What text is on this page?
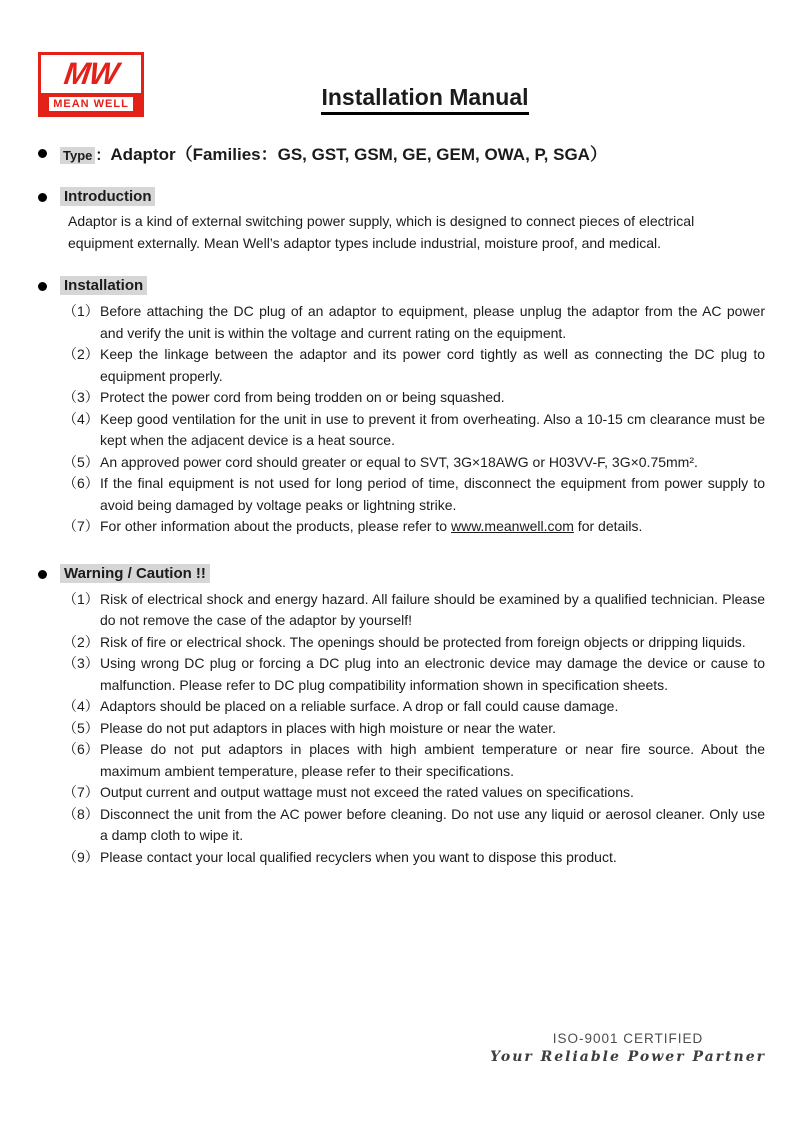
MW
MEAN WELL	Installation Manual
Type ：Adaptor（Families：GS, GST, GSM, GE, GEM, OWA, P, SGA）
Introduction
Adaptor is a kind of external switching power supply, which is designed to connect pieces of electrical equipment externally. Mean Well’s adaptor types include industrial, moisture proof, and medical.
Installation
（1） Before attaching the DC plug of an adaptor to equipment, please unplug the adaptor from the AC power and verify the unit is within the voltage and current rating on the equipment.
（2） Keep the linkage between the adaptor and its power cord tightly as well as connecting the DC plug to equipment properly.
（3） Protect the power cord from being trodden on or being squashed.
（4） Keep good ventilation for the unit in use to prevent it from overheating. Also a 10-15 cm clearance must be kept when the adjacent device is a heat source.
（5） An approved power cord should greater or equal to SVT, 3G×18AWG or H03VV-F, 3G×0.75mm².
（6） If the final equipment is not used for long period of time, disconnect the equipment from power supply to avoid being damaged by voltage peaks or lightning strike.
（7） For other information about the products, please refer to www.meanwell.com for details.
Warning / Caution !!
（1） Risk of electrical shock and energy hazard. All failure should be examined by a qualified technician. Please do not remove the case of the adaptor by yourself!
（2） Risk of fire or electrical shock. The openings should be protected from foreign objects or dripping liquids.
（3） Using wrong DC plug or forcing a DC plug into an electronic device may damage the device or cause to malfunction. Please refer to DC plug compatibility information shown in specification sheets.
（4） Adaptors should be placed on a reliable surface. A drop or fall could cause damage.
（5） Please do not put adaptors in places with high moisture or near the water.
（6） Please do not put adaptors in places with high ambient temperature or near fire source. About the maximum ambient temperature, please refer to their specifications.
（7） Output current and output wattage must not exceed the rated values on specifications.
（8） Disconnect the unit from the AC power before cleaning. Do not use any liquid or aerosol cleaner. Only use a damp cloth to wipe it.
（9） Please contact your local qualified recyclers when you want to dispose this product.
ISO-9001 CERTIFIED
Your Reliable Power Partner
